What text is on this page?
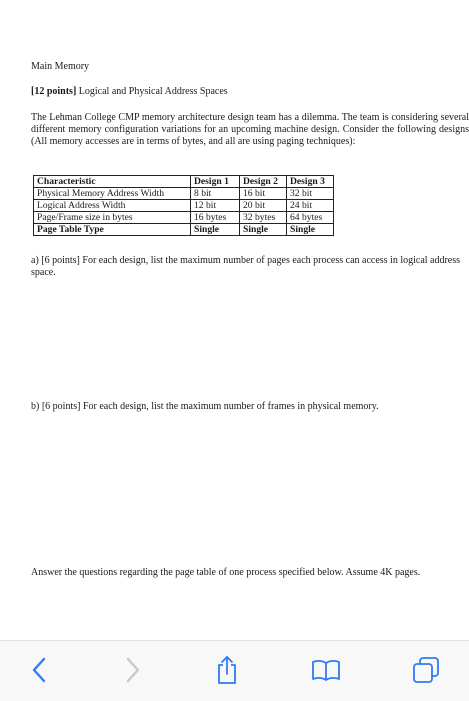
Main Memory
[12 points] Logical and Physical Address Spaces
The Lehman College CMP memory architecture design team has a dilemma. The team is considering several different memory configuration variations for an upcoming machine design. Consider the following designs (All memory accesses are in terms of bytes, and all are using paging techniques):
Characteristic	Design 1	Design 2	Design 3
Physical Memory Address Width	8 bit	16 bit	32 bit
Logical Address Width	12 bit	20 bit	24 bit
Page/Frame size in bytes	16 bytes	32 bytes	64 bytes
Page Table Type	Single	Single	Single
a) [6 points] For each design, list the maximum number of pages each process can access in logical address space.
b) [6 points] For each design, list the maximum number of frames in physical memory.
Answer the questions regarding the page table of one process specified below. Assume 4K pages.
